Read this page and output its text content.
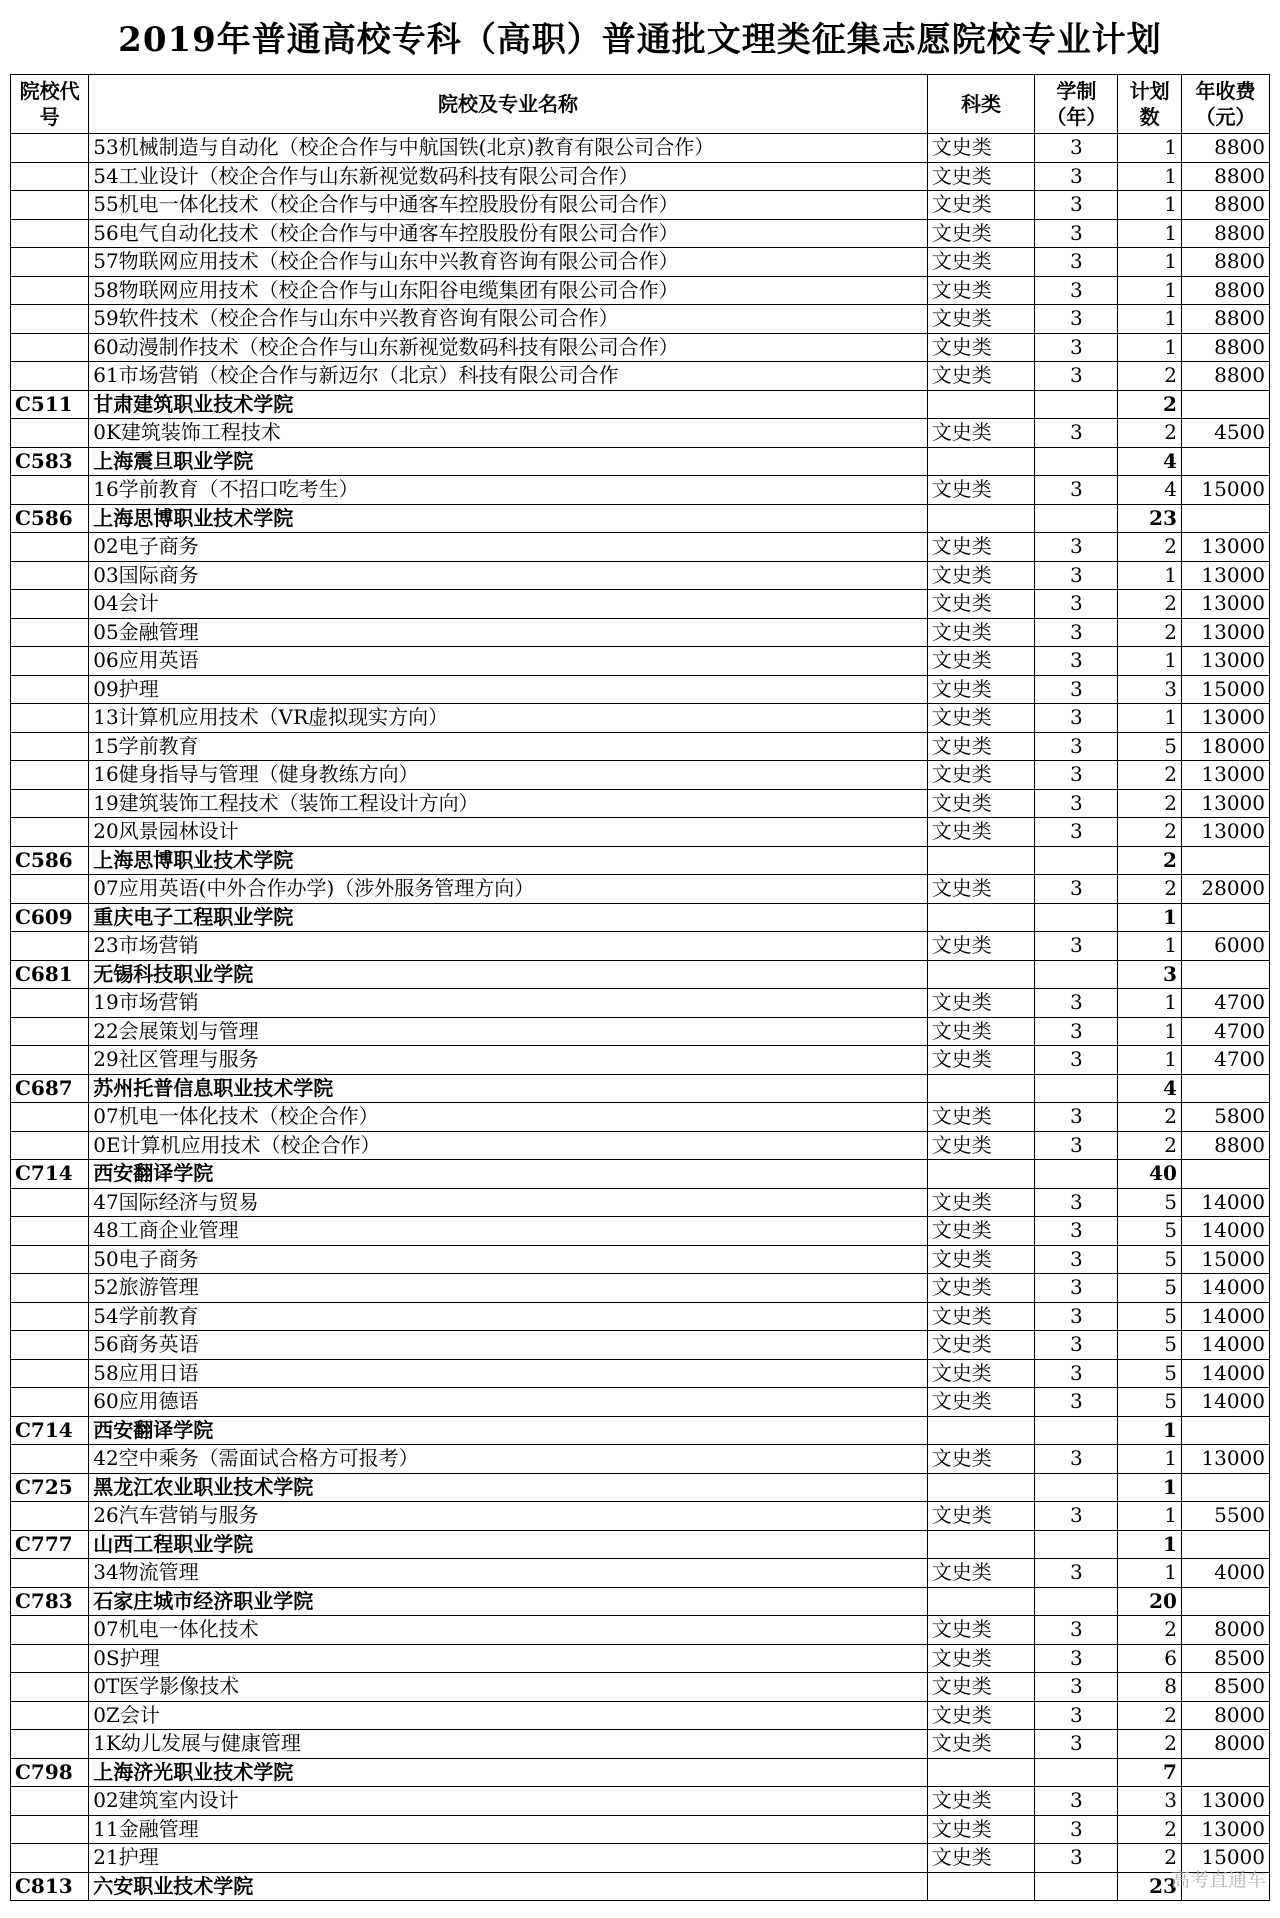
2019年普通高校专科（高职）普通批文理类征集志愿院校专业计划
院校代号	院校及专业名称	科类	学制（年）	计划数	年收费（元）
	53机械制造与自动化（校企合作与中航国铁(北京)教育有限公司合作）	文史类	3	1	8800
	54工业设计（校企合作与山东新视觉数码科技有限公司合作）	文史类	3	1	8800
	55机电一体化技术（校企合作与中通客车控股股份有限公司合作）	文史类	3	1	8800
	56电气自动化技术（校企合作与中通客车控股股份有限公司合作）	文史类	3	1	8800
	57物联网应用技术（校企合作与山东中兴教育咨询有限公司合作）	文史类	3	1	8800
	58物联网应用技术（校企合作与山东阳谷电缆集团有限公司合作）	文史类	3	1	8800
	59软件技术（校企合作与山东中兴教育咨询有限公司合作）	文史类	3	1	8800
	60动漫制作技术（校企合作与山东新视觉数码科技有限公司合作）	文史类	3	1	8800
	61市场营销（校企合作与新迈尔（北京）科技有限公司合作	文史类	3	2	8800
C511	甘肃建筑职业技术学院			2	
	0K建筑装饰工程技术	文史类	3	2	4500
C583	上海震旦职业学院			4	
	16学前教育（不招口吃考生）	文史类	3	4	15000
C586	上海思博职业技术学院			23	
	02电子商务	文史类	3	2	13000
	03国际商务	文史类	3	1	13000
	04会计	文史类	3	2	13000
	05金融管理	文史类	3	2	13000
	06应用英语	文史类	3	1	13000
	09护理	文史类	3	3	15000
	13计算机应用技术（VR虚拟现实方向）	文史类	3	1	13000
	15学前教育	文史类	3	5	18000
	16健身指导与管理（健身教练方向）	文史类	3	2	13000
	19建筑装饰工程技术（装饰工程设计方向）	文史类	3	2	13000
	20风景园林设计	文史类	3	2	13000
C586	上海思博职业技术学院			2	
	07应用英语(中外合作办学)（涉外服务管理方向）	文史类	3	2	28000
C609	重庆电子工程职业学院			1	
	23市场营销	文史类	3	1	6000
C681	无锡科技职业学院			3	
	19市场营销	文史类	3	1	4700
	22会展策划与管理	文史类	3	1	4700
	29社区管理与服务	文史类	3	1	4700
C687	苏州托普信息职业技术学院			4	
	07机电一体化技术（校企合作）	文史类	3	2	5800
	0E计算机应用技术（校企合作）	文史类	3	2	8800
C714	西安翻译学院			40	
	47国际经济与贸易	文史类	3	5	14000
	48工商企业管理	文史类	3	5	14000
	50电子商务	文史类	3	5	15000
	52旅游管理	文史类	3	5	14000
	54学前教育	文史类	3	5	14000
	56商务英语	文史类	3	5	14000
	58应用日语	文史类	3	5	14000
	60应用德语	文史类	3	5	14000
C714	西安翻译学院			1	
	42空中乘务（需面试合格方可报考）	文史类	3	1	13000
C725	黑龙江农业职业技术学院			1	
	26汽车营销与服务	文史类	3	1	5500
C777	山西工程职业学院			1	
	34物流管理	文史类	3	1	4000
C783	石家庄城市经济职业学院			20	
	07机电一体化技术	文史类	3	2	8000
	0S护理	文史类	3	6	8500
	0T医学影像技术	文史类	3	8	8500
	0Z会计	文史类	3	2	8000
	1K幼儿发展与健康管理	文史类	3	2	8000
C798	上海济光职业技术学院			7	
	02建筑室内设计	文史类	3	3	13000
	11金融管理	文史类	3	2	13000
	21护理	文史类	3	2	15000
C813	六安职业技术学院			23	
高考直通车
